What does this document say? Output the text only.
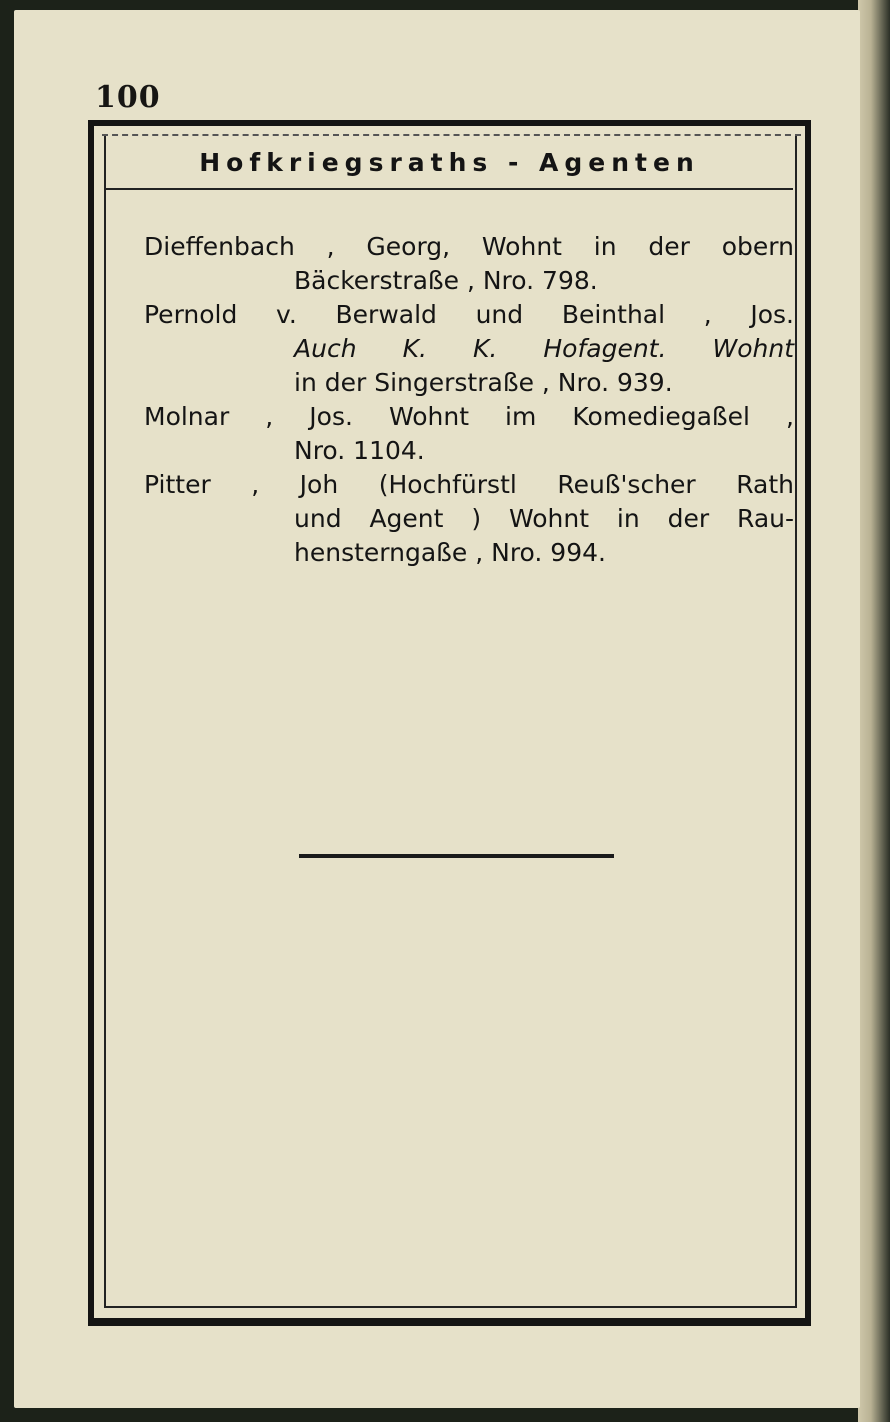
100
Hofkriegsraths - Agenten
Dieffenbach , Georg, Wohnt in der obern
Bäckerstraße , Nro. 798.
Pernold v. Berwald und Beinthal , Jos.
Auch K. K. Hofagent. Wohnt
in der Singerstraße , Nro. 939.
Molnar , Jos. Wohnt im Komediegaßel ,
Nro. 1104.
Pitter , Joh (Hochfürstl Reuß'scher Rath
und Agent ) Wohnt in der Rau-
hensterngaße , Nro. 994.
